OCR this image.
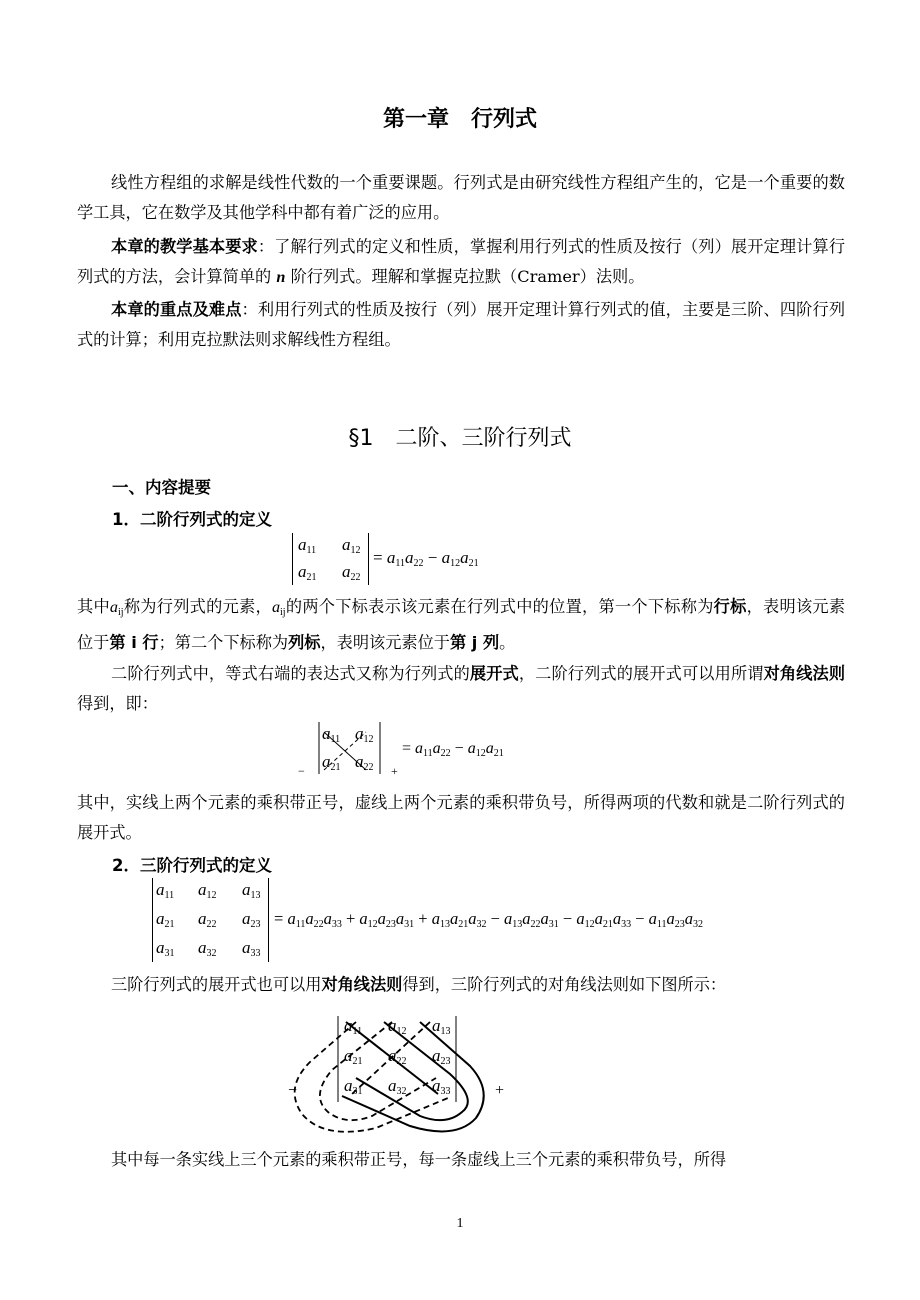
第一章　行列式
线性方程组的求解是线性代数的一个重要课题。行列式是由研究线性方程组产生的，它是一个重要的数学工具，它在数学及其他学科中都有着广泛的应用。
本章的教学基本要求：了解行列式的定义和性质，掌握利用行列式的性质及按行（列）展开定理计算行列式的方法，会计算简单的 n 阶行列式。理解和掌握克拉默（Cramer）法则。
本章的重点及难点：利用行列式的性质及按行（列）展开定理计算行列式的值，主要是三阶、四阶行列式的计算；利用克拉默法则求解线性方程组。
§1　二阶、三阶行列式
一、内容提要
1．二阶行列式的定义
$a_{11}$ $a_{12}$
$a_{21}$ $a_{22}$
= $a_{11}a_{22} - a_{12}a_{21}$
其中$a_{ij}$称为行列式的元素，$a_{ij}$的两个下标表示该元素在行列式中的位置，第一个下标称为行标，表明该元素位于第 i 行；第二个下标称为列标，表明该元素位于第 j 列。
二阶行列式中，等式右端的表达式又称为行列式的展开式，二阶行列式的展开式可以用所谓对角线法则得到，即：
$a_{11}$ $a_{12}$
$a_{21}$ $a_{22}$
−	+
= $a_{11}a_{22} - a_{12}a_{21}$
其中，实线上两个元素的乘积带正号，虚线上两个元素的乘积带负号，所得两项的代数和就是二阶行列式的展开式。
2．三阶行列式的定义
$a_{11}$ $a_{12}$ $a_{13}$
$a_{21}$ $a_{22}$ $a_{23}$
$a_{31}$ $a_{32}$ $a_{33}$
= $a_{11}a_{22}a_{33} + a_{12}a_{23}a_{31} + a_{13}a_{21}a_{32} - a_{13}a_{22}a_{31} - a_{12}a_{21}a_{33} - a_{11}a_{23}a_{32}$
三阶行列式的展开式也可以用对角线法则得到，三阶行列式的对角线法则如下图所示：
$a_{11}$ $a_{12}$ $a_{13}$
$a_{21}$ $a_{22}$ $a_{23}$
$a_{31}$ $a_{32}$ $a_{33}$
−	+
其中每一条实线上三个元素的乘积带正号，每一条虚线上三个元素的乘积带负号，所得
1
